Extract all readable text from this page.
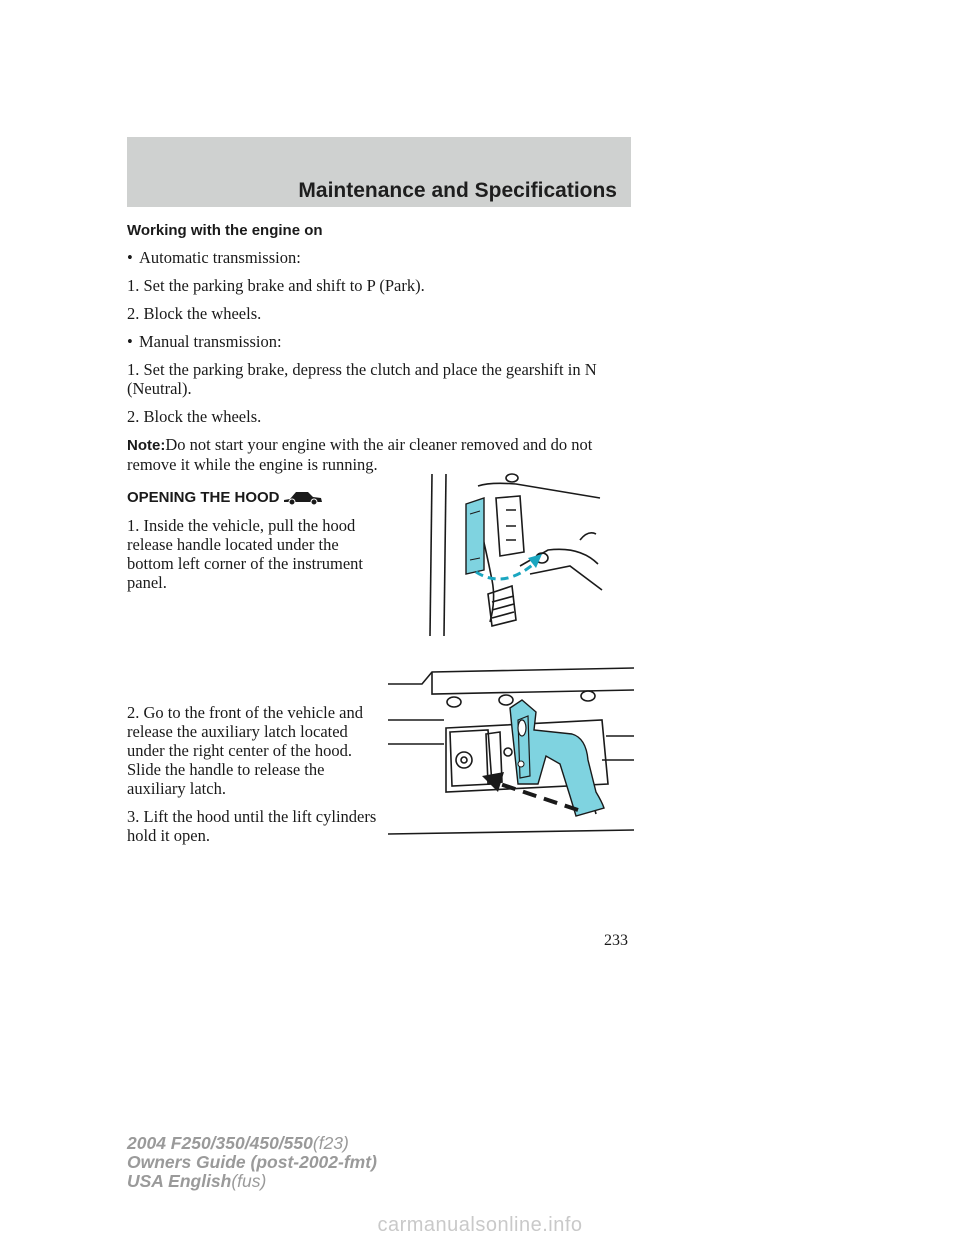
Maintenance and Specifications
Working with the engine on
• Automatic transmission:
1. Set the parking brake and shift to P (Park).
2. Block the wheels.
• Manual transmission:
1. Set the parking brake, depress the clutch and place the gearshift in N (Neutral).
2. Block the wheels.
Note:Do not start your engine with the air cleaner removed and do not remove it while the engine is running.
OPENING THE HOOD
1. Inside the vehicle, pull the hood release handle located under the bottom left corner of the instrument panel.
2. Go to the front of the vehicle and release the auxiliary latch located under the right center of the hood. Slide the handle to release the auxiliary latch.
3. Lift the hood until the lift cylinders hold it open.
233
2004 F250/350/450/550(f23)
Owners Guide (post-2002-fmt)
USA English(fus)
carmanualsonline.info
